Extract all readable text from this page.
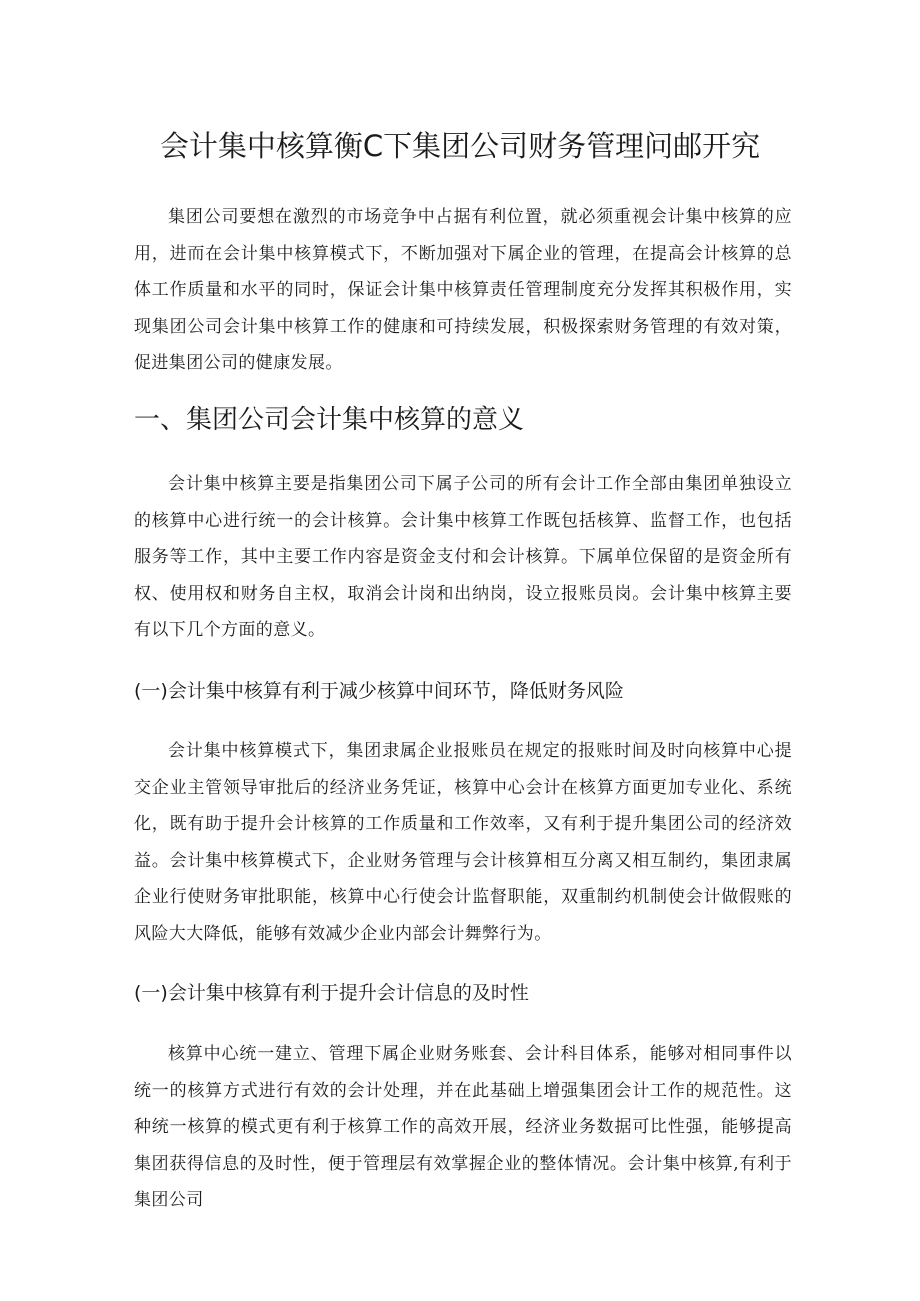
会计集中核算衡C下集团公司财务管理问邮开究

集团公司要想在激烈的市场竞争中占据有利位置，就必须重视会计集中核算的应用，进而在会计集中核算模式下，不断加强对下属企业的管理，在提高会计核算的总体工作质量和水平的同时，保证会计集中核算责任管理制度充分发挥其积极作用，实现集团公司会计集中核算工作的健康和可持续发展，积极探索财务管理的有效对策，促进集团公司的健康发展。

一、集团公司会计集中核算的意义

会计集中核算主要是指集团公司下属子公司的所有会计工作全部由集团单独设立的核算中心进行统一的会计核算。会计集中核算工作既包括核算、监督工作，也包括服务等工作，其中主要工作内容是资金支付和会计核算。下属单位保留的是资金所有权、使用权和财务自主权，取消会计岗和出纳岗，设立报账员岗。会计集中核算主要有以下几个方面的意义。

(一)会计集中核算有利于减少核算中间环节，降低财务风险

会计集中核算模式下，集团隶属企业报账员在规定的报账时间及时向核算中心提交企业主管领导审批后的经济业务凭证，核算中心会计在核算方面更加专业化、系统化，既有助于提升会计核算的工作质量和工作效率，又有利于提升集团公司的经济效益。会计集中核算模式下，企业财务管理与会计核算相互分离又相互制约，集团隶属企业行使财务审批职能，核算中心行使会计监督职能，双重制约机制使会计做假账的风险大大降低，能够有效减少企业内部会计舞弊行为。

(一)会计集中核算有利于提升会计信息的及时性

核算中心统一建立、管理下属企业财务账套、会计科目体系，能够对相同事件以统一的核算方式进行有效的会计处理，并在此基础上增强集团会计工作的规范性。这种统一核算的模式更有利于核算工作的高效开展，经济业务数据可比性强，能够提高集团获得信息的及时性，便于管理层有效掌握企业的整体情况。会计集中核算,有利于集团公司
